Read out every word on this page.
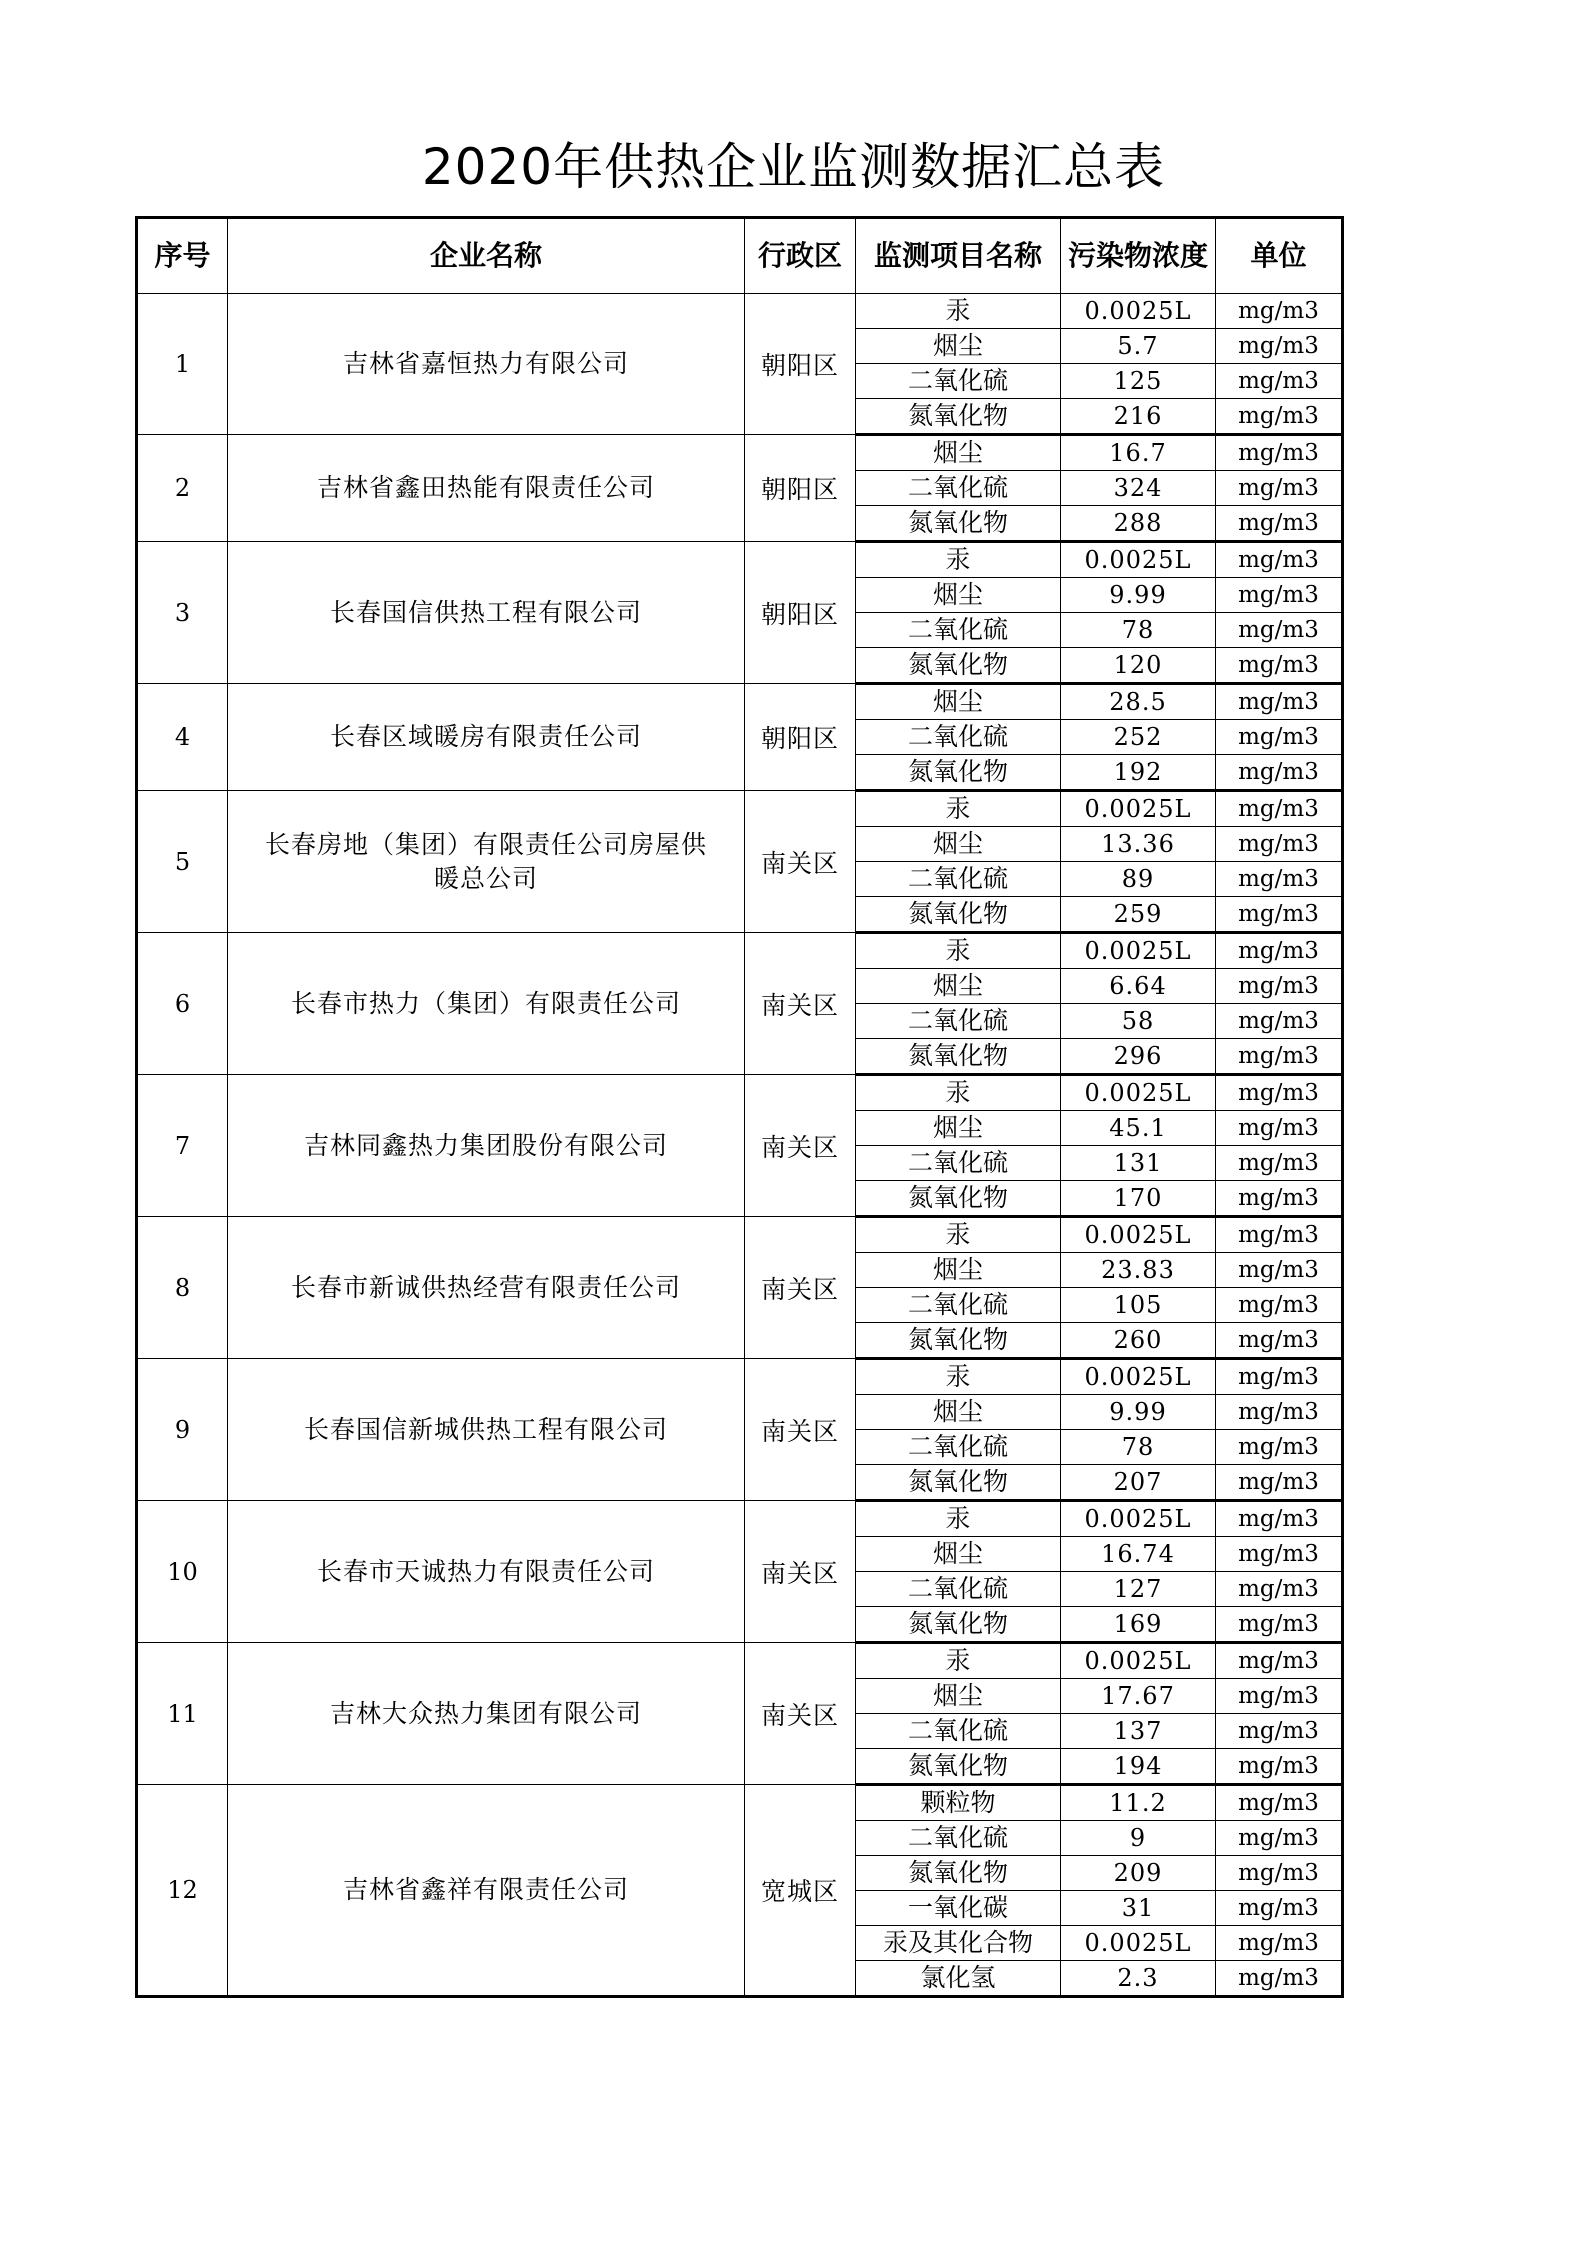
2020年供热企业监测数据汇总表
序号	企业名称	行政区	监测项目名称	污染物浓度	单位
1	吉林省嘉恒热力有限公司	朝阳区	汞	0.0025L	mg/m3
			烟尘	5.7	mg/m3
			二氧化硫	125	mg/m3
			氮氧化物	216	mg/m3
2	吉林省鑫田热能有限责任公司	朝阳区	烟尘	16.7	mg/m3
			二氧化硫	324	mg/m3
			氮氧化物	288	mg/m3
3	长春国信供热工程有限公司	朝阳区	汞	0.0025L	mg/m3
			烟尘	9.99	mg/m3
			二氧化硫	78	mg/m3
			氮氧化物	120	mg/m3
4	长春区域暖房有限责任公司	朝阳区	烟尘	28.5	mg/m3
			二氧化硫	252	mg/m3
			氮氧化物	192	mg/m3
5	长春房地（集团）有限责任公司房屋供暖总公司	南关区	汞	0.0025L	mg/m3
			烟尘	13.36	mg/m3
			二氧化硫	89	mg/m3
			氮氧化物	259	mg/m3
6	长春市热力（集团）有限责任公司	南关区	汞	0.0025L	mg/m3
			烟尘	6.64	mg/m3
			二氧化硫	58	mg/m3
			氮氧化物	296	mg/m3
7	吉林同鑫热力集团股份有限公司	南关区	汞	0.0025L	mg/m3
			烟尘	45.1	mg/m3
			二氧化硫	131	mg/m3
			氮氧化物	170	mg/m3
8	长春市新诚供热经营有限责任公司	南关区	汞	0.0025L	mg/m3
			烟尘	23.83	mg/m3
			二氧化硫	105	mg/m3
			氮氧化物	260	mg/m3
9	长春国信新城供热工程有限公司	南关区	汞	0.0025L	mg/m3
			烟尘	9.99	mg/m3
			二氧化硫	78	mg/m3
			氮氧化物	207	mg/m3
10	长春市天诚热力有限责任公司	南关区	汞	0.0025L	mg/m3
			烟尘	16.74	mg/m3
			二氧化硫	127	mg/m3
			氮氧化物	169	mg/m3
11	吉林大众热力集团有限公司	南关区	汞	0.0025L	mg/m3
			烟尘	17.67	mg/m3
			二氧化硫	137	mg/m3
			氮氧化物	194	mg/m3
12	吉林省鑫祥有限责任公司	宽城区	颗粒物	11.2	mg/m3
			二氧化硫	9	mg/m3
			氮氧化物	209	mg/m3
			一氧化碳	31	mg/m3
			汞及其化合物	0.0025L	mg/m3
			氯化氢	2.3	mg/m3
